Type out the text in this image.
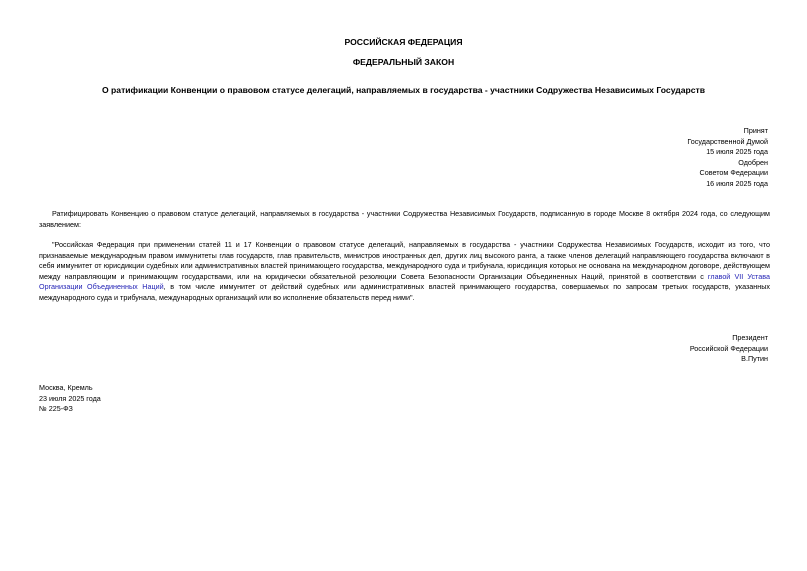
РОССИЙСКАЯ ФЕДЕРАЦИЯ
ФЕДЕРАЛЬНЫЙ ЗАКОН
О ратификации Конвенции о правовом статусе делегаций, направляемых в государства - участники Содружества Независимых Государств
Принят
Государственной Думой
15 июля 2025 года
Одобрен
Советом Федерации
16 июля 2025 года
Ратифицировать Конвенцию о правовом статусе делегаций, направляемых в государства - участники Содружества Независимых Государств, подписанную в городе Москве 8 октября 2024 года, со следующим заявлением:
"Российская Федерация при применении статей 11 и 17 Конвенции о правовом статусе делегаций, направляемых в государства - участники Содружества Независимых Государств, исходит из того, что признаваемые международным правом иммунитеты глав государств, глав правительств, министров иностранных дел, других лиц высокого ранга, а также членов делегаций направляющего государства включают в себя иммунитет от юрисдикции судебных или административных властей принимающего государства, международного суда и трибунала, юрисдикция которых не основана на международном договоре, действующем между направляющим и принимающим государствами, или на юридически обязательной резолюции Совета Безопасности Организации Объединенных Наций, принятой в соответствии с главой VII Устава Организации Объединенных Наций, в том числе иммунитет от действий судебных или административных властей принимающего государства, совершаемых по запросам третьих государств, указанных международного суда и трибунала, международных организаций или во исполнение обязательств перед ними".
Президент
Российской Федерации
В.Путин
Москва, Кремль
23 июля 2025 года
№ 225-ФЗ
